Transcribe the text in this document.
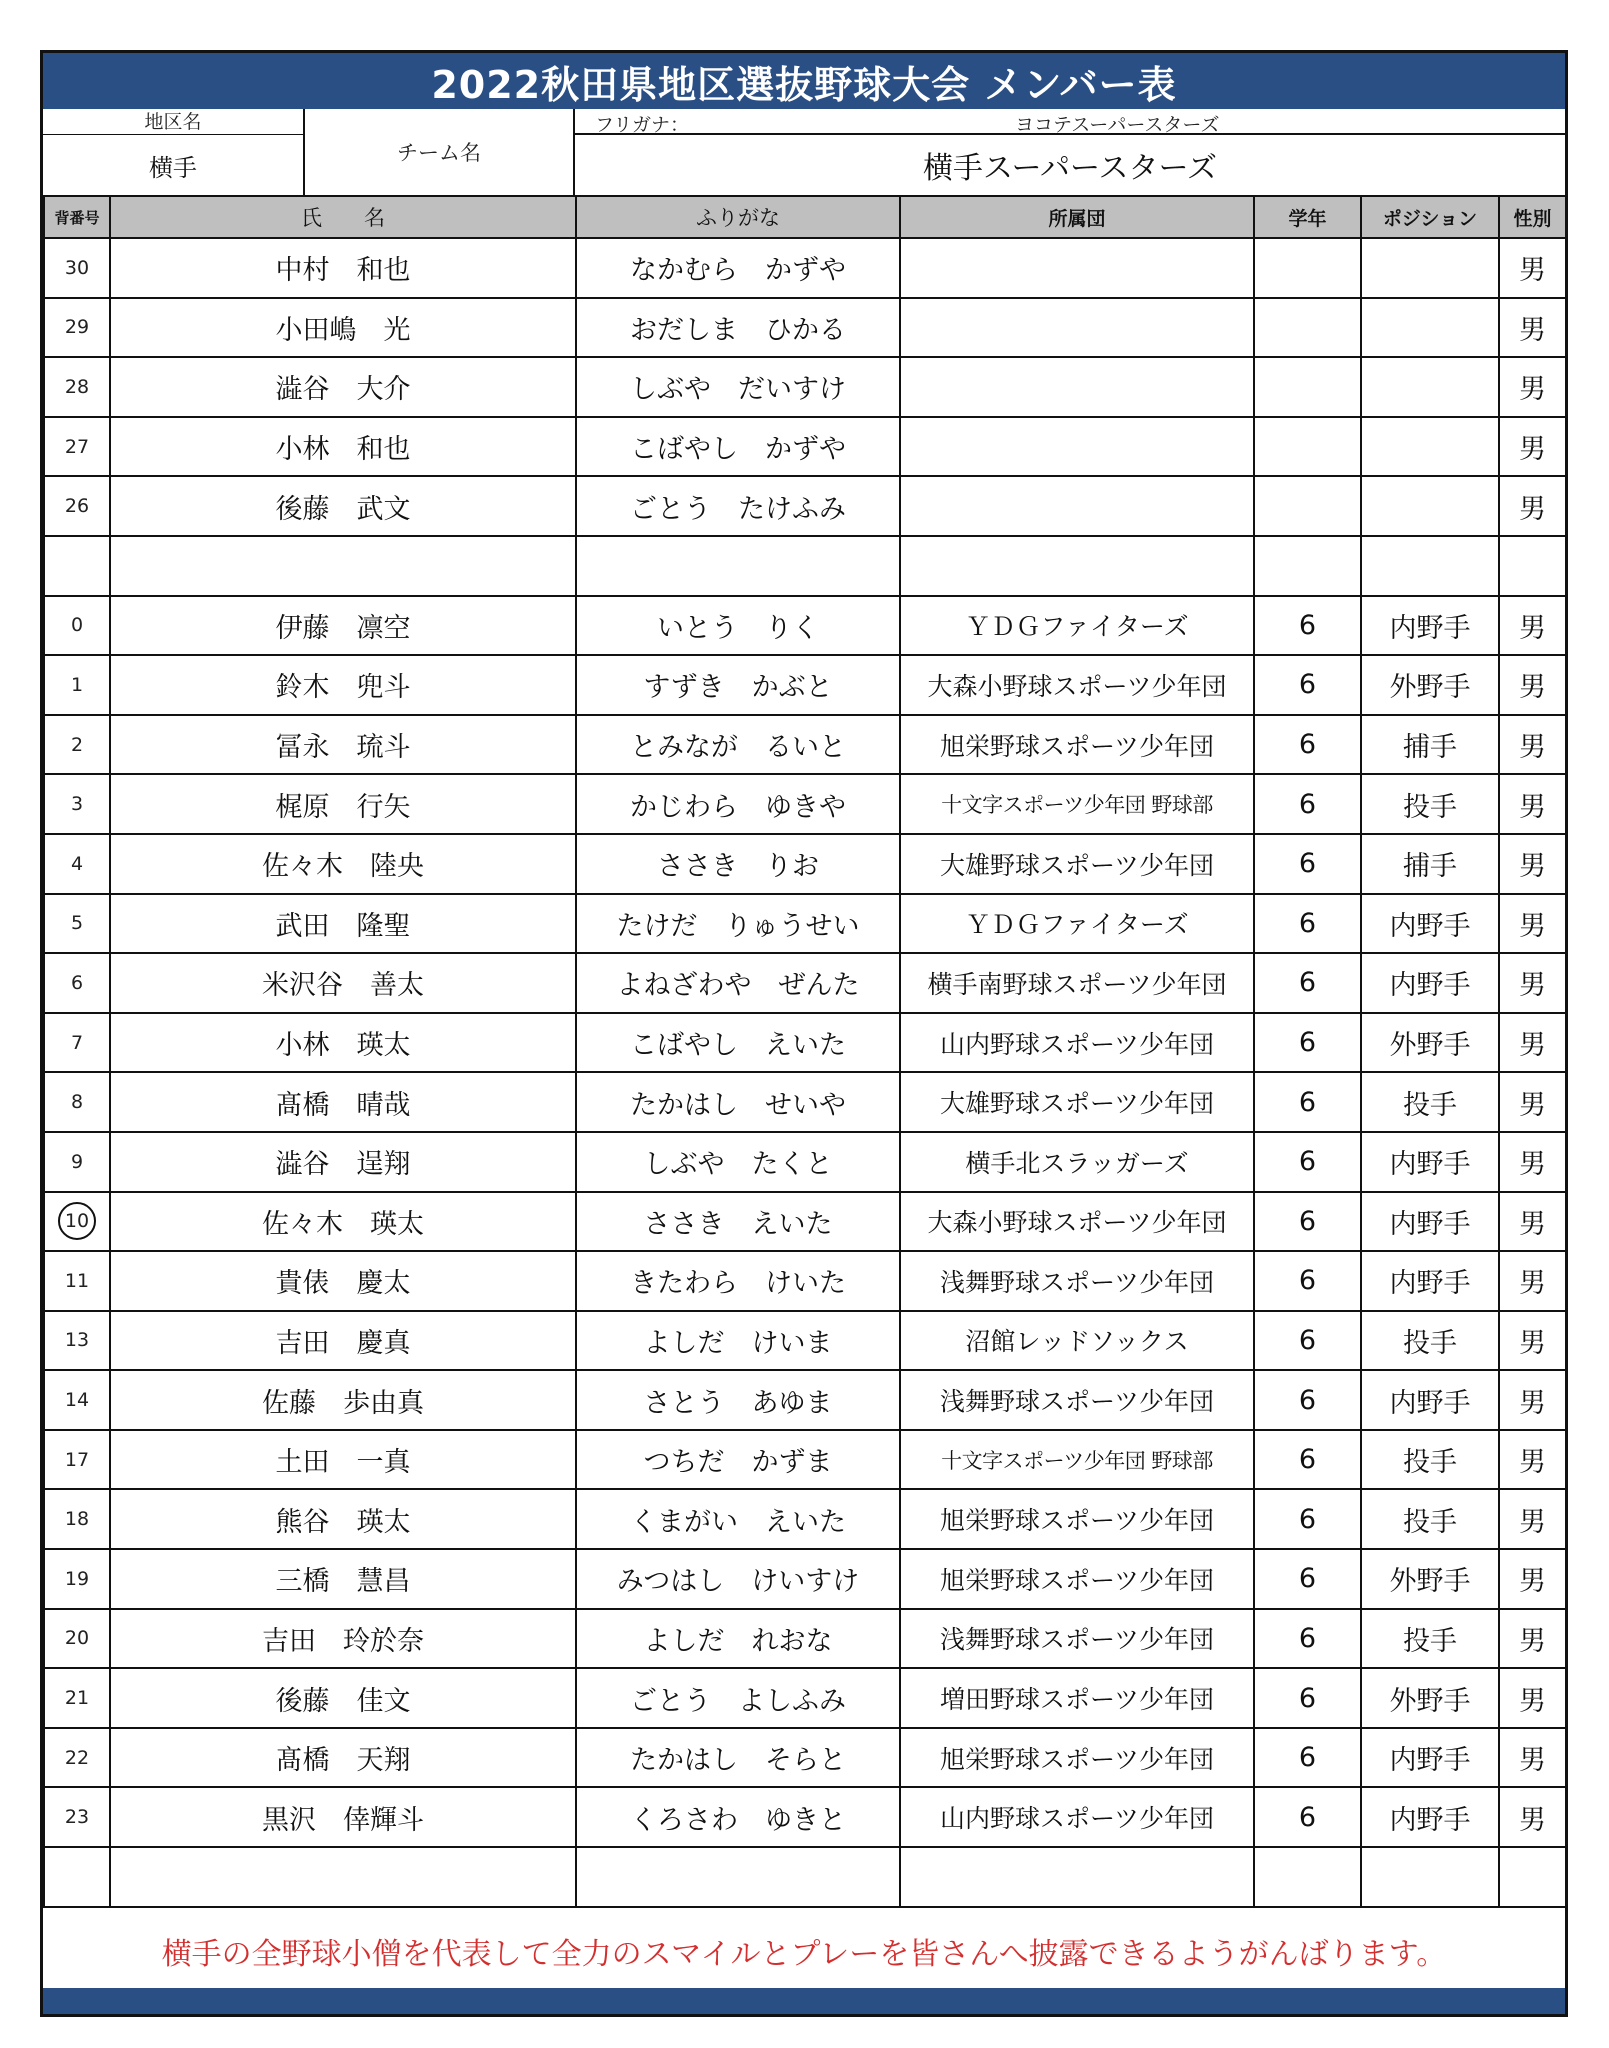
2022秋田県地区選抜野球大会 メンバー表
地区名
横手
チーム名
フリガナ：	ヨコテスーパースターズ
横手スーパースターズ
背番号	氏　　名	ふりがな	所属団	学年	ポジション	性別
30	中村　和也	なかむら　かずや				男
29	小田嶋　光	おだしま　ひかる				男
28	澁谷　大介	しぶや　だいすけ				男
27	小林　和也	こばやし　かずや				男
26	後藤　武文	ごとう　たけふみ				男

0	伊藤　凛空	いとう　りく	ＹＤＧファイターズ	6	内野手	男
1	鈴木　兜斗	すずき　かぶと	大森小野球スポーツ少年団	6	外野手	男
2	冨永　琉斗	とみなが　るいと	旭栄野球スポーツ少年団	6	捕手	男
3	梶原　行矢	かじわら　ゆきや	十文字スポーツ少年団 野球部	6	投手	男
4	佐々木　陸央	ささき　りお	大雄野球スポーツ少年団	6	捕手	男
5	武田　隆聖	たけだ　りゅうせい	ＹＤＧファイターズ	6	内野手	男
6	米沢谷　善太	よねざわや　ぜんた	横手南野球スポーツ少年団	6	内野手	男
7	小林　瑛太	こばやし　えいた	山内野球スポーツ少年団	6	外野手	男
8	髙橋　晴哉	たかはし　せいや	大雄野球スポーツ少年団	6	投手	男
9	澁谷　逞翔	しぶや　たくと	横手北スラッガーズ	6	内野手	男
10	佐々木　瑛太	ささき　えいた	大森小野球スポーツ少年団	6	内野手	男
11	貴俵　慶太	きたわら　けいた	浅舞野球スポーツ少年団	6	内野手	男
13	吉田　慶真	よしだ　けいま	沼館レッドソックス	6	投手	男
14	佐藤　歩由真	さとう　あゆま	浅舞野球スポーツ少年団	6	内野手	男
17	土田　一真	つちだ　かずま	十文字スポーツ少年団 野球部	6	投手	男
18	熊谷　瑛太	くまがい　えいた	旭栄野球スポーツ少年団	6	投手	男
19	三橋　慧昌	みつはし　けいすけ	旭栄野球スポーツ少年団	6	外野手	男
20	吉田　玲於奈	よしだ　れおな	浅舞野球スポーツ少年団	6	投手	男
21	後藤　佳文	ごとう　よしふみ	増田野球スポーツ少年団	6	外野手	男
22	髙橋　天翔	たかはし　そらと	旭栄野球スポーツ少年団	6	内野手	男
23	黒沢　倖輝斗	くろさわ　ゆきと	山内野球スポーツ少年団	6	内野手	男

横手の全野球小僧を代表して全力のスマイルとプレーを皆さんへ披露できるようがんばります。
